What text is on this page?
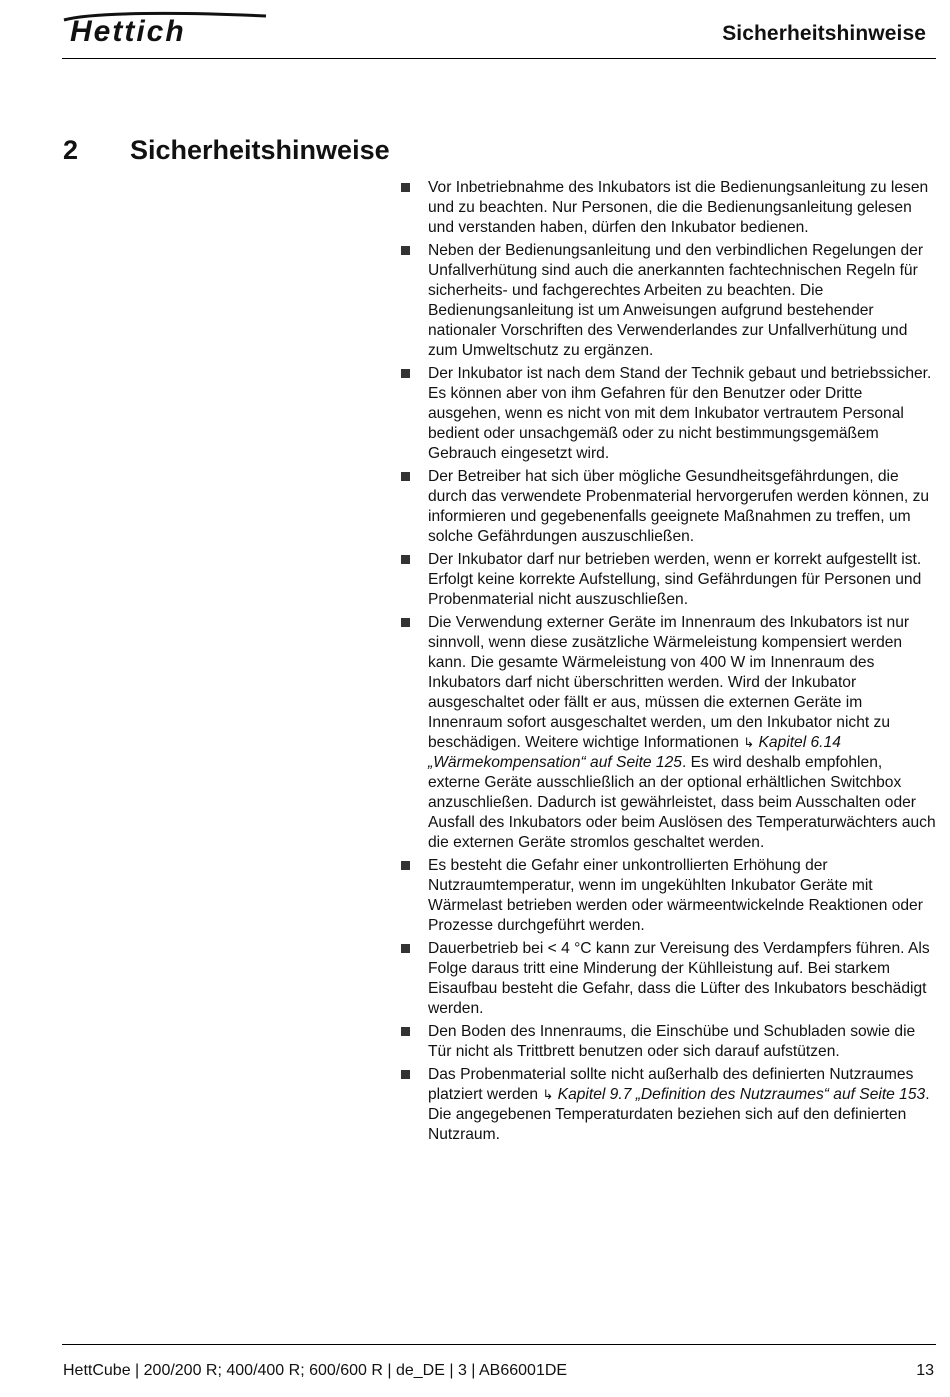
Hettich	Sicherheitshinweise
2 Sicherheitshinweise
Vor Inbetriebnahme des Inkubators ist die Bedienungsanleitung zu lesen und zu beachten. Nur Personen, die die Bedienungsanleitung gelesen und verstanden haben, dürfen den Inkubator bedienen.
Neben der Bedienungsanleitung und den verbindlichen Regelungen der Unfallverhütung sind auch die anerkannten fachtechnischen Regeln für sicherheits- und fachgerechtes Arbeiten zu beachten. Die Bedienungsanleitung ist um Anweisungen aufgrund bestehender nationaler Vorschriften des Verwenderlandes zur Unfallverhütung und zum Umweltschutz zu ergänzen.
Der Inkubator ist nach dem Stand der Technik gebaut und betriebssicher. Es können aber von ihm Gefahren für den Benutzer oder Dritte ausgehen, wenn es nicht von mit dem Inkubator vertrautem Personal bedient oder unsachgemäß oder zu nicht bestimmungsgemäßem Gebrauch eingesetzt wird.
Der Betreiber hat sich über mögliche Gesundheitsgefährdungen, die durch das verwendete Probenmaterial hervorgerufen werden können, zu informieren und gegebenenfalls geeignete Maßnahmen zu treffen, um solche Gefährdungen auszuschließen.
Der Inkubator darf nur betrieben werden, wenn er korrekt aufgestellt ist. Erfolgt keine korrekte Aufstellung, sind Gefährdungen für Personen und Probenmaterial nicht auszuschließen.
Die Verwendung externer Geräte im Innenraum des Inkubators ist nur sinnvoll, wenn diese zusätzliche Wärmeleistung kompensiert werden kann. Die gesamte Wärmeleistung von 400 W im Innenraum des Inkubators darf nicht überschritten werden. Wird der Inkubator ausgeschaltet oder fällt er aus, müssen die externen Geräte im Innenraum sofort ausgeschaltet werden, um den Inkubator nicht zu beschädigen. Weitere wichtige Informationen ↳ Kapitel 6.14 „Wärmekompensation“ auf Seite 125. Es wird deshalb empfohlen, externe Geräte ausschließlich an der optional erhältlichen Switchbox anzuschließen. Dadurch ist gewährleistet, dass beim Ausschalten oder Ausfall des Inkubators oder beim Auslösen des Temperaturwächters auch die externen Geräte stromlos geschaltet werden.
Es besteht die Gefahr einer unkontrollierten Erhöhung der Nutzraumtemperatur, wenn im ungekühlten Inkubator Geräte mit Wärmelast betrieben werden oder wärmeentwickelnde Reaktionen oder Prozesse durchgeführt werden.
Dauerbetrieb bei < 4 °C kann zur Vereisung des Verdampfers führen. Als Folge daraus tritt eine Minderung der Kühlleistung auf. Bei starkem Eisaufbau besteht die Gefahr, dass die Lüfter des Inkubators beschädigt werden.
Den Boden des Innenraums, die Einschübe und Schubladen sowie die Tür nicht als Trittbrett benutzen oder sich darauf aufstützen.
Das Probenmaterial sollte nicht außerhalb des definierten Nutzraumes platziert werden ↳ Kapitel 9.7 „Definition des Nutzraumes“ auf Seite 153. Die angegebenen Temperaturdaten beziehen sich auf den definierten Nutzraum.
HettCube | 200/200 R; 400/400 R; 600/600 R | de_DE | 3 | AB66001DE	13
